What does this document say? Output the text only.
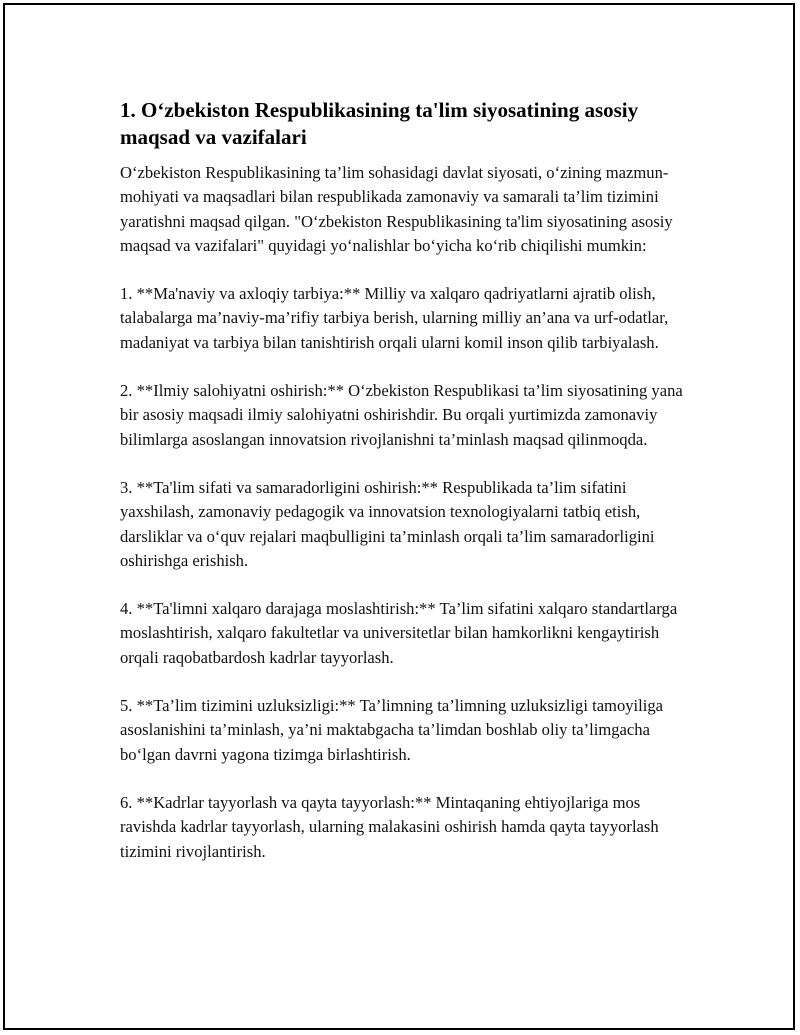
1. O‘zbekiston Respublikasining ta'lim siyosatining asosiy maqsad va vazifalari

O‘zbekiston Respublikasining ta’lim sohasidagi davlat siyosati, o‘zining mazmun-mohiyati va maqsadlari bilan respublikada zamonaviy va samarali ta’lim tizimini yaratishni maqsad qilgan. "O‘zbekiston Respublikasining ta'lim siyosatining asosiy maqsad va vazifalari" quyidagi yo‘nalishlar bo‘yicha ko‘rib chiqilishi mumkin:

1. **Ma'naviy va axloqiy tarbiya:** Milliy va xalqaro qadriyatlarni ajratib olish, talabalarga ma’naviy-ma’rifiy tarbiya berish, ularning milliy an’ana va urf-odatlar, madaniyat va tarbiya bilan tanishtirish orqali ularni komil inson qilib tarbiyalash.

2. **Ilmiy salohiyatni oshirish:** O‘zbekiston Respublikasi ta’lim siyosatining yana bir asosiy maqsadi ilmiy salohiyatni oshirishdir. Bu orqali yurtimizda zamonaviy bilimlarga asoslangan innovatsion rivojlanishni ta’minlash maqsad qilinmoqda.

3. **Ta'lim sifati va samaradorligini oshirish:** Respublikada ta’lim sifatini yaxshilash, zamonaviy pedagogik va innovatsion texnologiyalarni tatbiq etish, darsliklar va o‘quv rejalari maqbulligini ta’minlash orqali ta’lim samaradorligini oshirishga erishish.

4. **Ta'limni xalqaro darajaga moslashtirish:** Ta’lim sifatini xalqaro standartlarga moslashtirish, xalqaro fakultetlar va universitetlar bilan hamkorlikni kengaytirish orqali raqobatbardosh kadrlar tayyorlash.

5. **Ta’lim tizimini uzluksizligi:** Ta’limning ta’limning uzluksizligi tamoyiliga asoslanishini ta’minlash, ya’ni maktabgacha ta’limdan boshlab oliy ta’limgacha bo‘lgan davrni yagona tizimga birlashtirish.

6. **Kadrlar tayyorlash va qayta tayyorlash:** Mintaqaning ehtiyojlariga mos ravishda kadrlar tayyorlash, ularning malakasini oshirish hamda qayta tayyorlash tizimini rivojlantirish.
